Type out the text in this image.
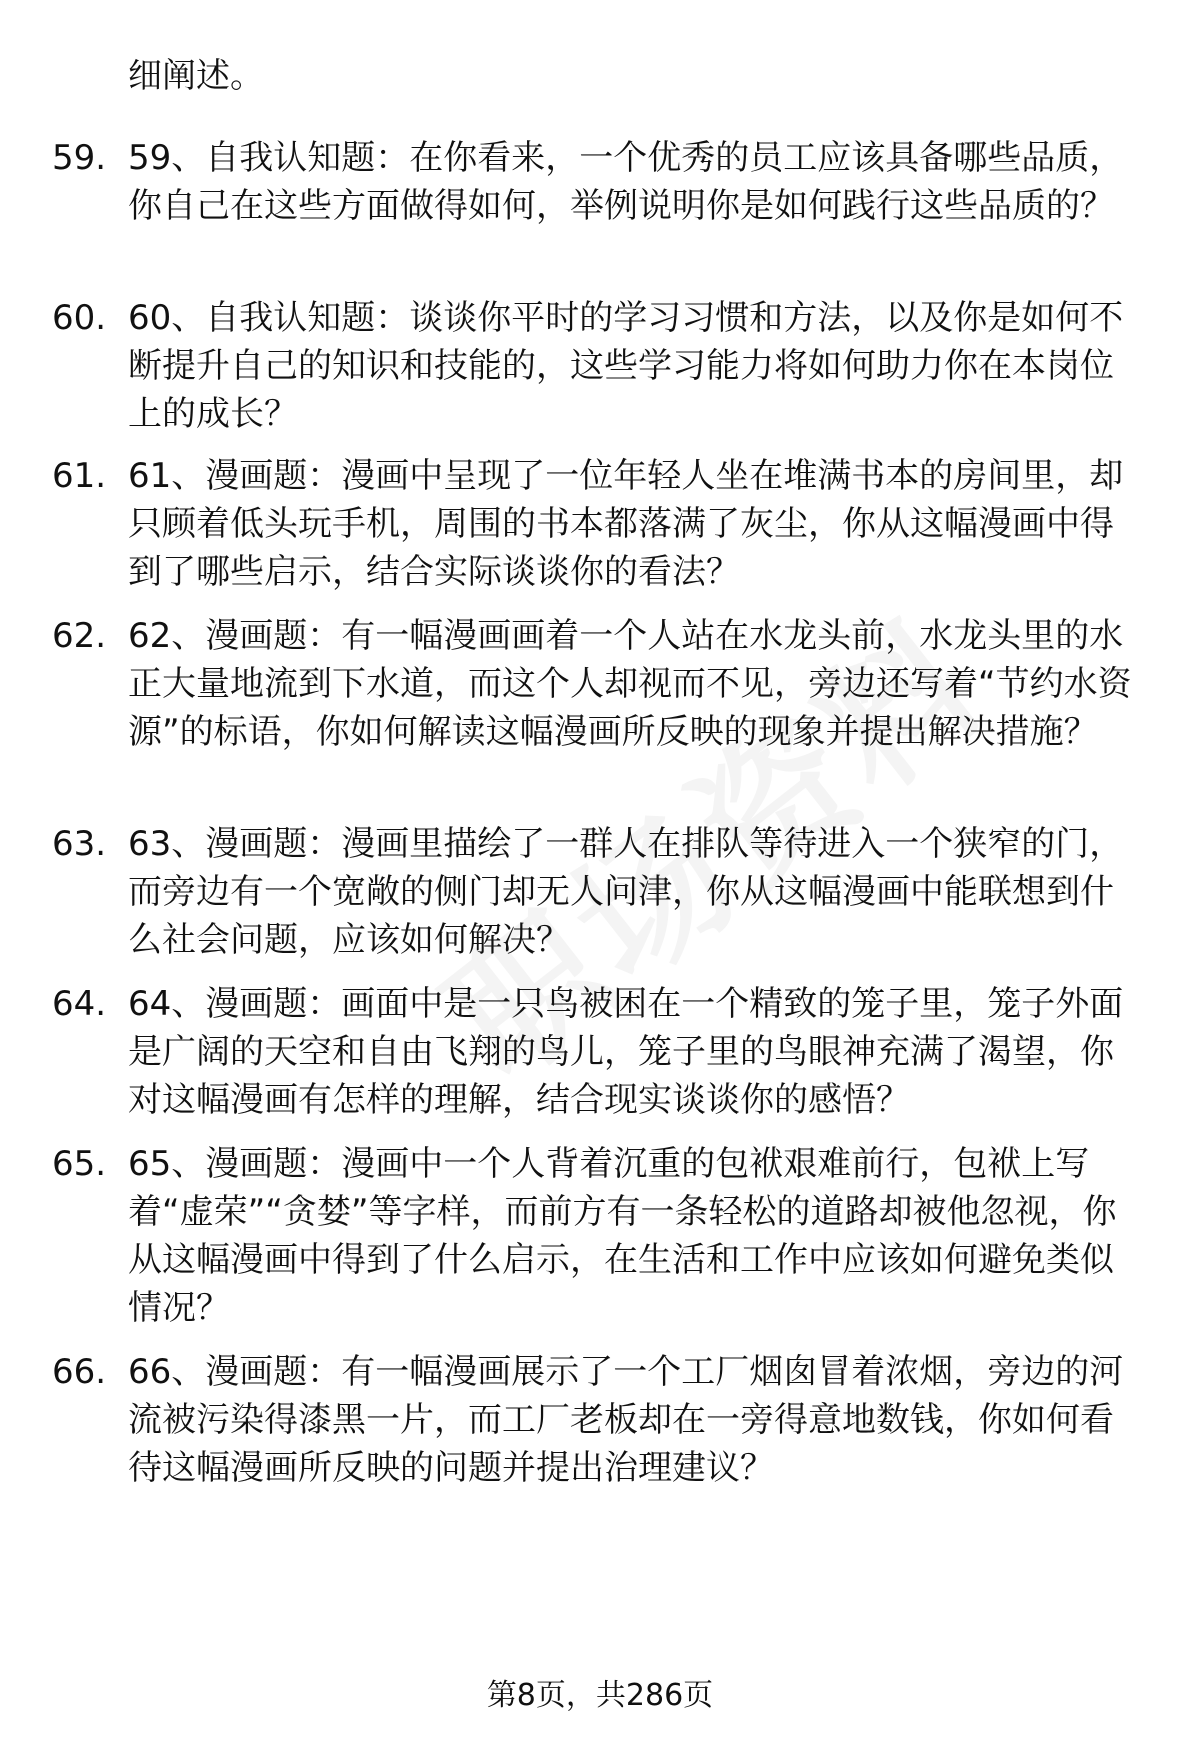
细阐述。
59. 59、自我认知题：在你看来，一个优秀的员工应该具备哪些品质，你自己在这些方面做得如何，举例说明你是如何践行这些品质的？
60. 60、自我认知题：谈谈你平时的学习习惯和方法，以及你是如何不断提升自己的知识和技能的，这些学习能力将如何助力你在本岗位上的成长？
61. 61、漫画题：漫画中呈现了一位年轻人坐在堆满书本的房间里，却只顾着低头玩手机，周围的书本都落满了灰尘，你从这幅漫画中得到了哪些启示，结合实际谈谈你的看法？
62. 62、漫画题：有一幅漫画画着一个人站在水龙头前，水龙头里的水正大量地流到下水道，而这个人却视而不见，旁边还写着“节约水资源”的标语，你如何解读这幅漫画所反映的现象并提出解决措施？
63. 63、漫画题：漫画里描绘了一群人在排队等待进入一个狭窄的门，而旁边有一个宽敞的侧门却无人问津，你从这幅漫画中能联想到什么社会问题，应该如何解决？
64. 64、漫画题：画面中是一只鸟被困在一个精致的笼子里，笼子外面是广阔的天空和自由飞翔的鸟儿，笼子里的鸟眼神充满了渴望，你对这幅漫画有怎样的理解，结合现实谈谈你的感悟？
65. 65、漫画题：漫画中一个人背着沉重的包袱艰难前行，包袱上写着“虚荣”“贪婪”等字样，而前方有一条轻松的道路却被他忽视，你从这幅漫画中得到了什么启示，在生活和工作中应该如何避免类似情况？
66. 66、漫画题：有一幅漫画展示了一个工厂烟囱冒着浓烟，旁边的河流被污染得漆黑一片，而工厂老板却在一旁得意地数钱，你如何看待这幅漫画所反映的问题并提出治理建议？
第8页，共286页
